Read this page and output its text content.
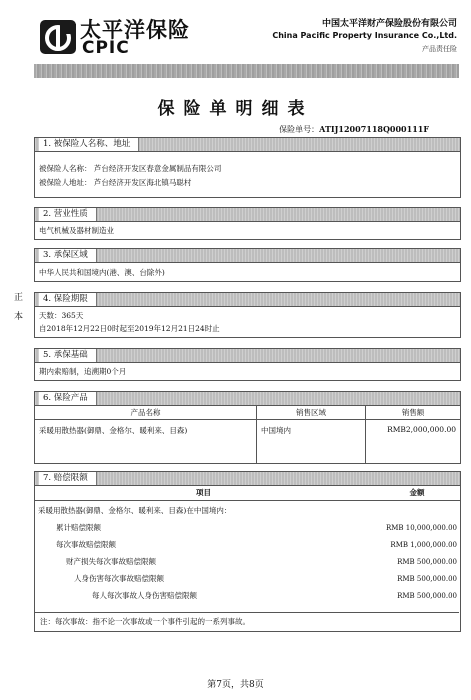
太平洋保险
CPIC
中国太平洋财产保险股份有限公司
China Pacific Property Insurance Co.,Ltd.
产品责任险
保险单明细表
保险单号：ATIJ12007118Q000111F
正
本
1. 被保险人名称、地址
被保险人名称： 芦台经济开发区春意金属制品有限公司
被保险人地址： 芦台经济开发区海北镇马聪村
2. 营业性质
电气机械及器材制造业
3. 承保区域
中华人民共和国境内(港、澳、台除外)
4. 保险期限
天数：365天
自2018年12月22日0时起至2019年12月21日24时止
5. 承保基础
期内索赔制，追溯期0个月
6. 保险产品
产品名称	销售区域	销售额
采暖用散热器(御鼎、金格尔、暖利来、目森)	中国境内	RMB2,000,000.00
7. 赔偿限额
项目	金额
采暖用散热器(御鼎、金格尔、暖利来、目森)在中国境内：	
累计赔偿限额	RMB 10,000,000.00
每次事故赔偿限额	RMB 1,000,000.00
财产损失每次事故赔偿限额	RMB 500,000.00
人身伤害每次事故赔偿限额	RMB 500,000.00
每人每次事故人身伤害赔偿限额	RMB 500,000.00
注：每次事故：指不论一次事故或一个事件引起的一系列事故。
第7页，共8页
